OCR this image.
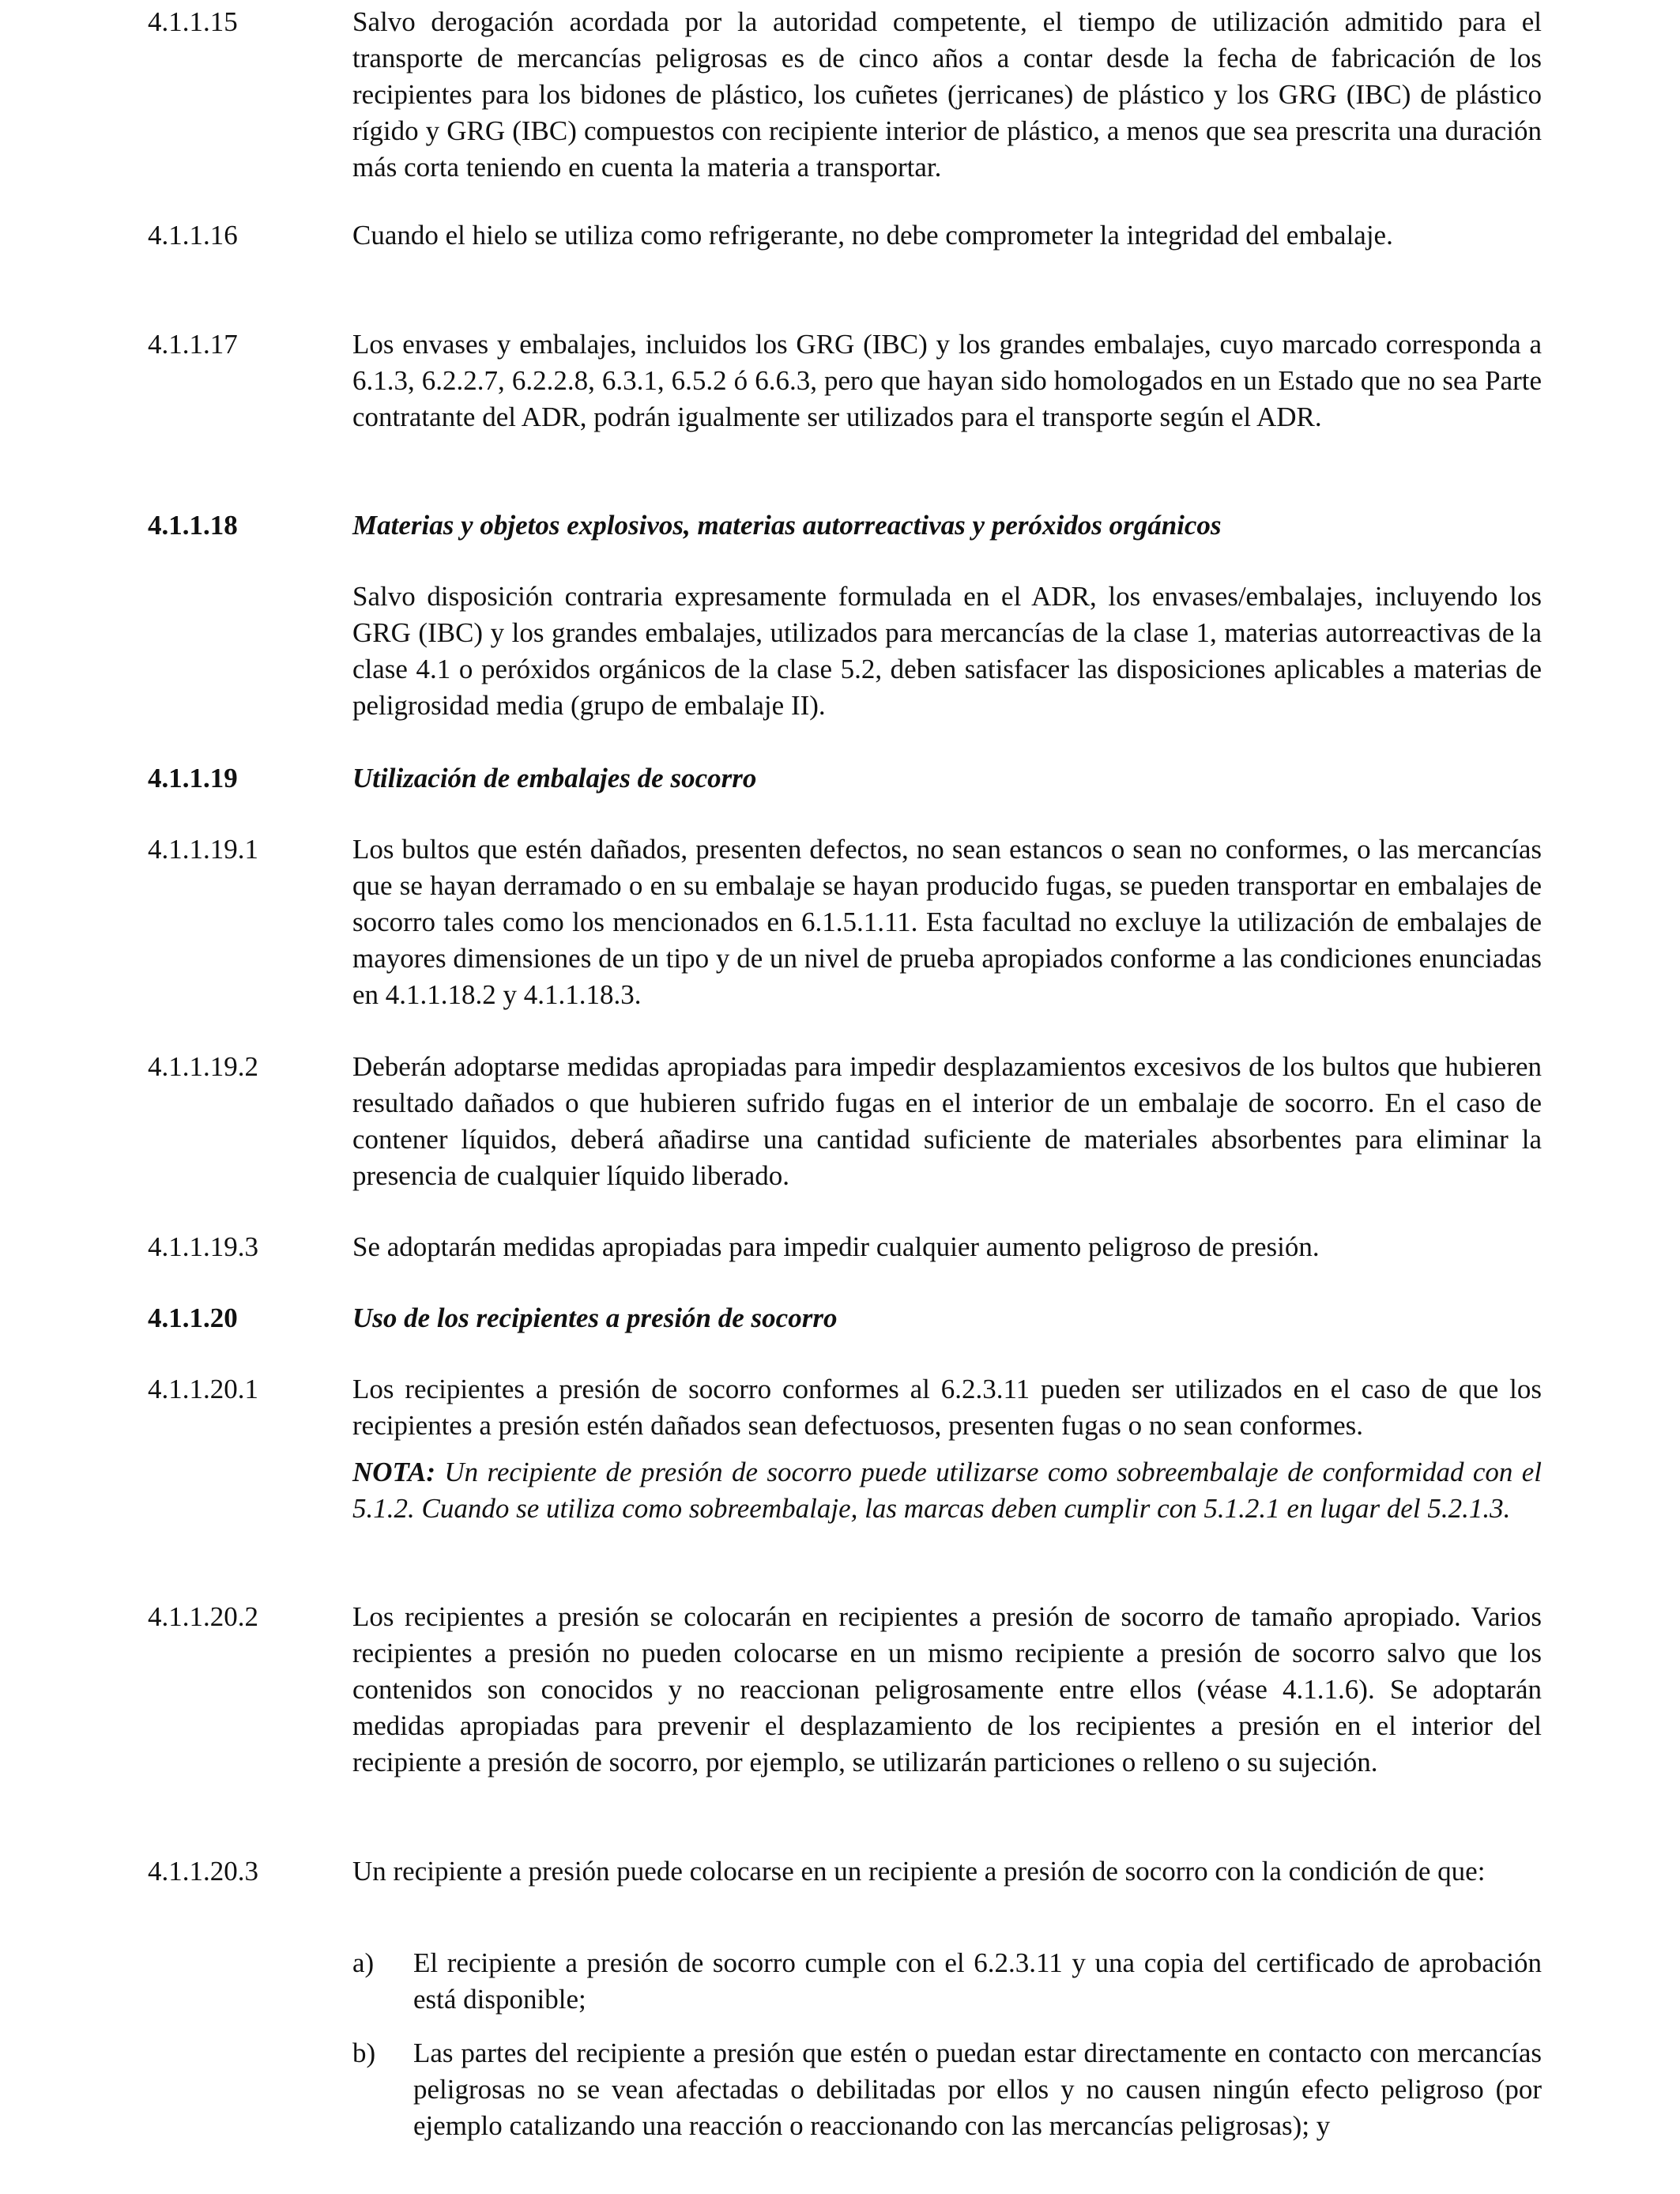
4.1.1.15	Salvo derogación acordada por la autoridad competente, el tiempo de utilización admitido para el transporte de mercancías peligrosas es de cinco años a contar desde la fecha de fabricación de los recipientes para los bidones de plástico, los cuñetes (jerricanes) de plástico y los GRG (IBC) de plástico rígido y GRG (IBC) compuestos con recipiente interior de plástico, a menos que sea prescrita una duración más corta teniendo en cuenta la materia a transportar.
4.1.1.16	Cuando el hielo se utiliza como refrigerante, no debe comprometer la integridad del embalaje.
4.1.1.17	Los envases y embalajes, incluidos los GRG (IBC) y los grandes embalajes, cuyo marcado corresponda a 6.1.3, 6.2.2.7, 6.2.2.8, 6.3.1, 6.5.2 ó 6.6.3, pero que hayan sido homologados en un Estado que no sea Parte contratante del ADR, podrán igualmente ser utilizados para el transporte según el ADR.
4.1.1.18	Materias y objetos explosivos, materias autorreactivas y peróxidos orgánicos
Salvo disposición contraria expresamente formulada en el ADR, los envases/embalajes, incluyendo los GRG (IBC) y los grandes embalajes, utilizados para mercancías de la clase 1, materias autorreactivas de la clase 4.1 o peróxidos orgánicos de la clase 5.2, deben satisfacer las disposiciones aplicables a materias de peligrosidad media (grupo de embalaje II).
4.1.1.19	Utilización de embalajes de socorro
4.1.1.19.1	Los bultos que estén dañados, presenten defectos, no sean estancos o sean no conformes, o las mercancías que se hayan derramado o en su embalaje se hayan producido fugas, se pueden transportar en embalajes de socorro tales como los mencionados en 6.1.5.1.11. Esta facultad no excluye la utilización de embalajes de mayores dimensiones de un tipo y de un nivel de prueba apropiados conforme a las condiciones enunciadas en 4.1.1.18.2 y 4.1.1.18.3.
4.1.1.19.2	Deberán adoptarse medidas apropiadas para impedir desplazamientos excesivos de los bultos que hubieren resultado dañados o que hubieren sufrido fugas en el interior de un embalaje de socorro. En el caso de contener líquidos, deberá añadirse una cantidad suficiente de materiales absorbentes para eliminar la presencia de cualquier líquido liberado.
4.1.1.19.3	Se adoptarán medidas apropiadas para impedir cualquier aumento peligroso de presión.
4.1.1.20	Uso de los recipientes a presión de socorro
4.1.1.20.1	Los recipientes a presión de socorro conformes al 6.2.3.11 pueden ser utilizados en el caso de que los recipientes a presión estén dañados sean defectuosos, presenten fugas o no sean conformes.
NOTA: Un recipiente de presión de socorro puede utilizarse como sobreembalaje de conformidad con el 5.1.2. Cuando se utiliza como sobreembalaje, las marcas deben cumplir con 5.1.2.1 en lugar del 5.2.1.3.
4.1.1.20.2	Los recipientes a presión se colocarán en recipientes a presión de socorro de tamaño apropiado. Varios recipientes a presión no pueden colocarse en un mismo recipiente a presión de socorro salvo que los contenidos son conocidos y no reaccionan peligrosamente entre ellos (véase 4.1.1.6). Se adoptarán medidas apropiadas para prevenir el desplazamiento de los recipientes a presión en el interior del recipiente a presión de socorro, por ejemplo, se utilizarán particiones o relleno o su sujeción.
4.1.1.20.3	Un recipiente a presión puede colocarse en un recipiente a presión de socorro con la condición de que:
a) El recipiente a presión de socorro cumple con el 6.2.3.11 y una copia del certificado de aprobación está disponible;
b) Las partes del recipiente a presión que estén o puedan estar directamente en contacto con mercancías peligrosas no se vean afectadas o debilitadas por ellos y no causen ningún efecto peligroso (por ejemplo catalizando una reacción o reaccionando con las mercancías peligrosas); y
